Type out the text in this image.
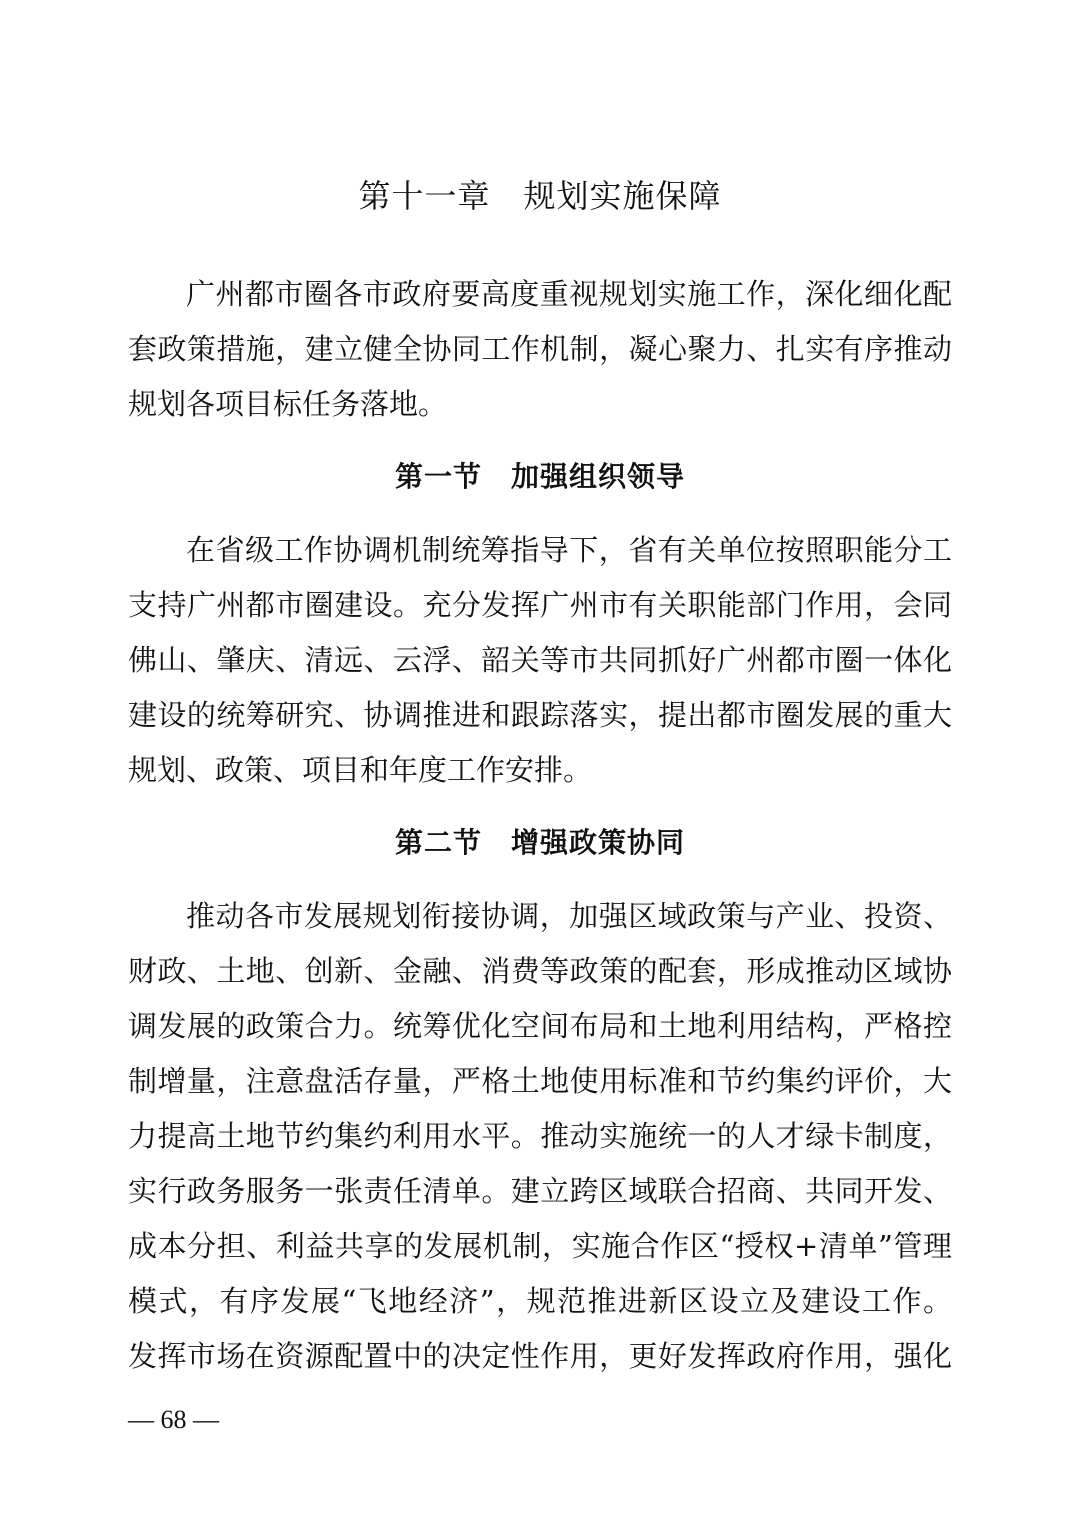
第十一章　规划实施保障
广州都市圈各市政府要高度重视规划实施工作，深化细化配
套政策措施，建立健全协同工作机制，凝心聚力、扎实有序推动
规划各项目标任务落地。
第一节　加强组织领导
在省级工作协调机制统筹指导下，省有关单位按照职能分工
支持广州都市圈建设。充分发挥广州市有关职能部门作用，会同
佛山、肇庆、清远、云浮、韶关等市共同抓好广州都市圈一体化
建设的统筹研究、协调推进和跟踪落实，提出都市圈发展的重大
规划、政策、项目和年度工作安排。
第二节　增强政策协同
推动各市发展规划衔接协调，加强区域政策与产业、投资、
财政、土地、创新、金融、消费等政策的配套，形成推动区域协
调发展的政策合力。统筹优化空间布局和土地利用结构，严格控
制增量，注意盘活存量，严格土地使用标准和节约集约评价，大
力提高土地节约集约利用水平。推动实施统一的人才绿卡制度，
实行政务服务一张责任清单。建立跨区域联合招商、共同开发、
成本分担、利益共享的发展机制，实施合作区“授权+清单”管理
模式，有序发展“飞地经济”，规范推进新区设立及建设工作。
发挥市场在资源配置中的决定性作用，更好发挥政府作用，强化
— 68 —
